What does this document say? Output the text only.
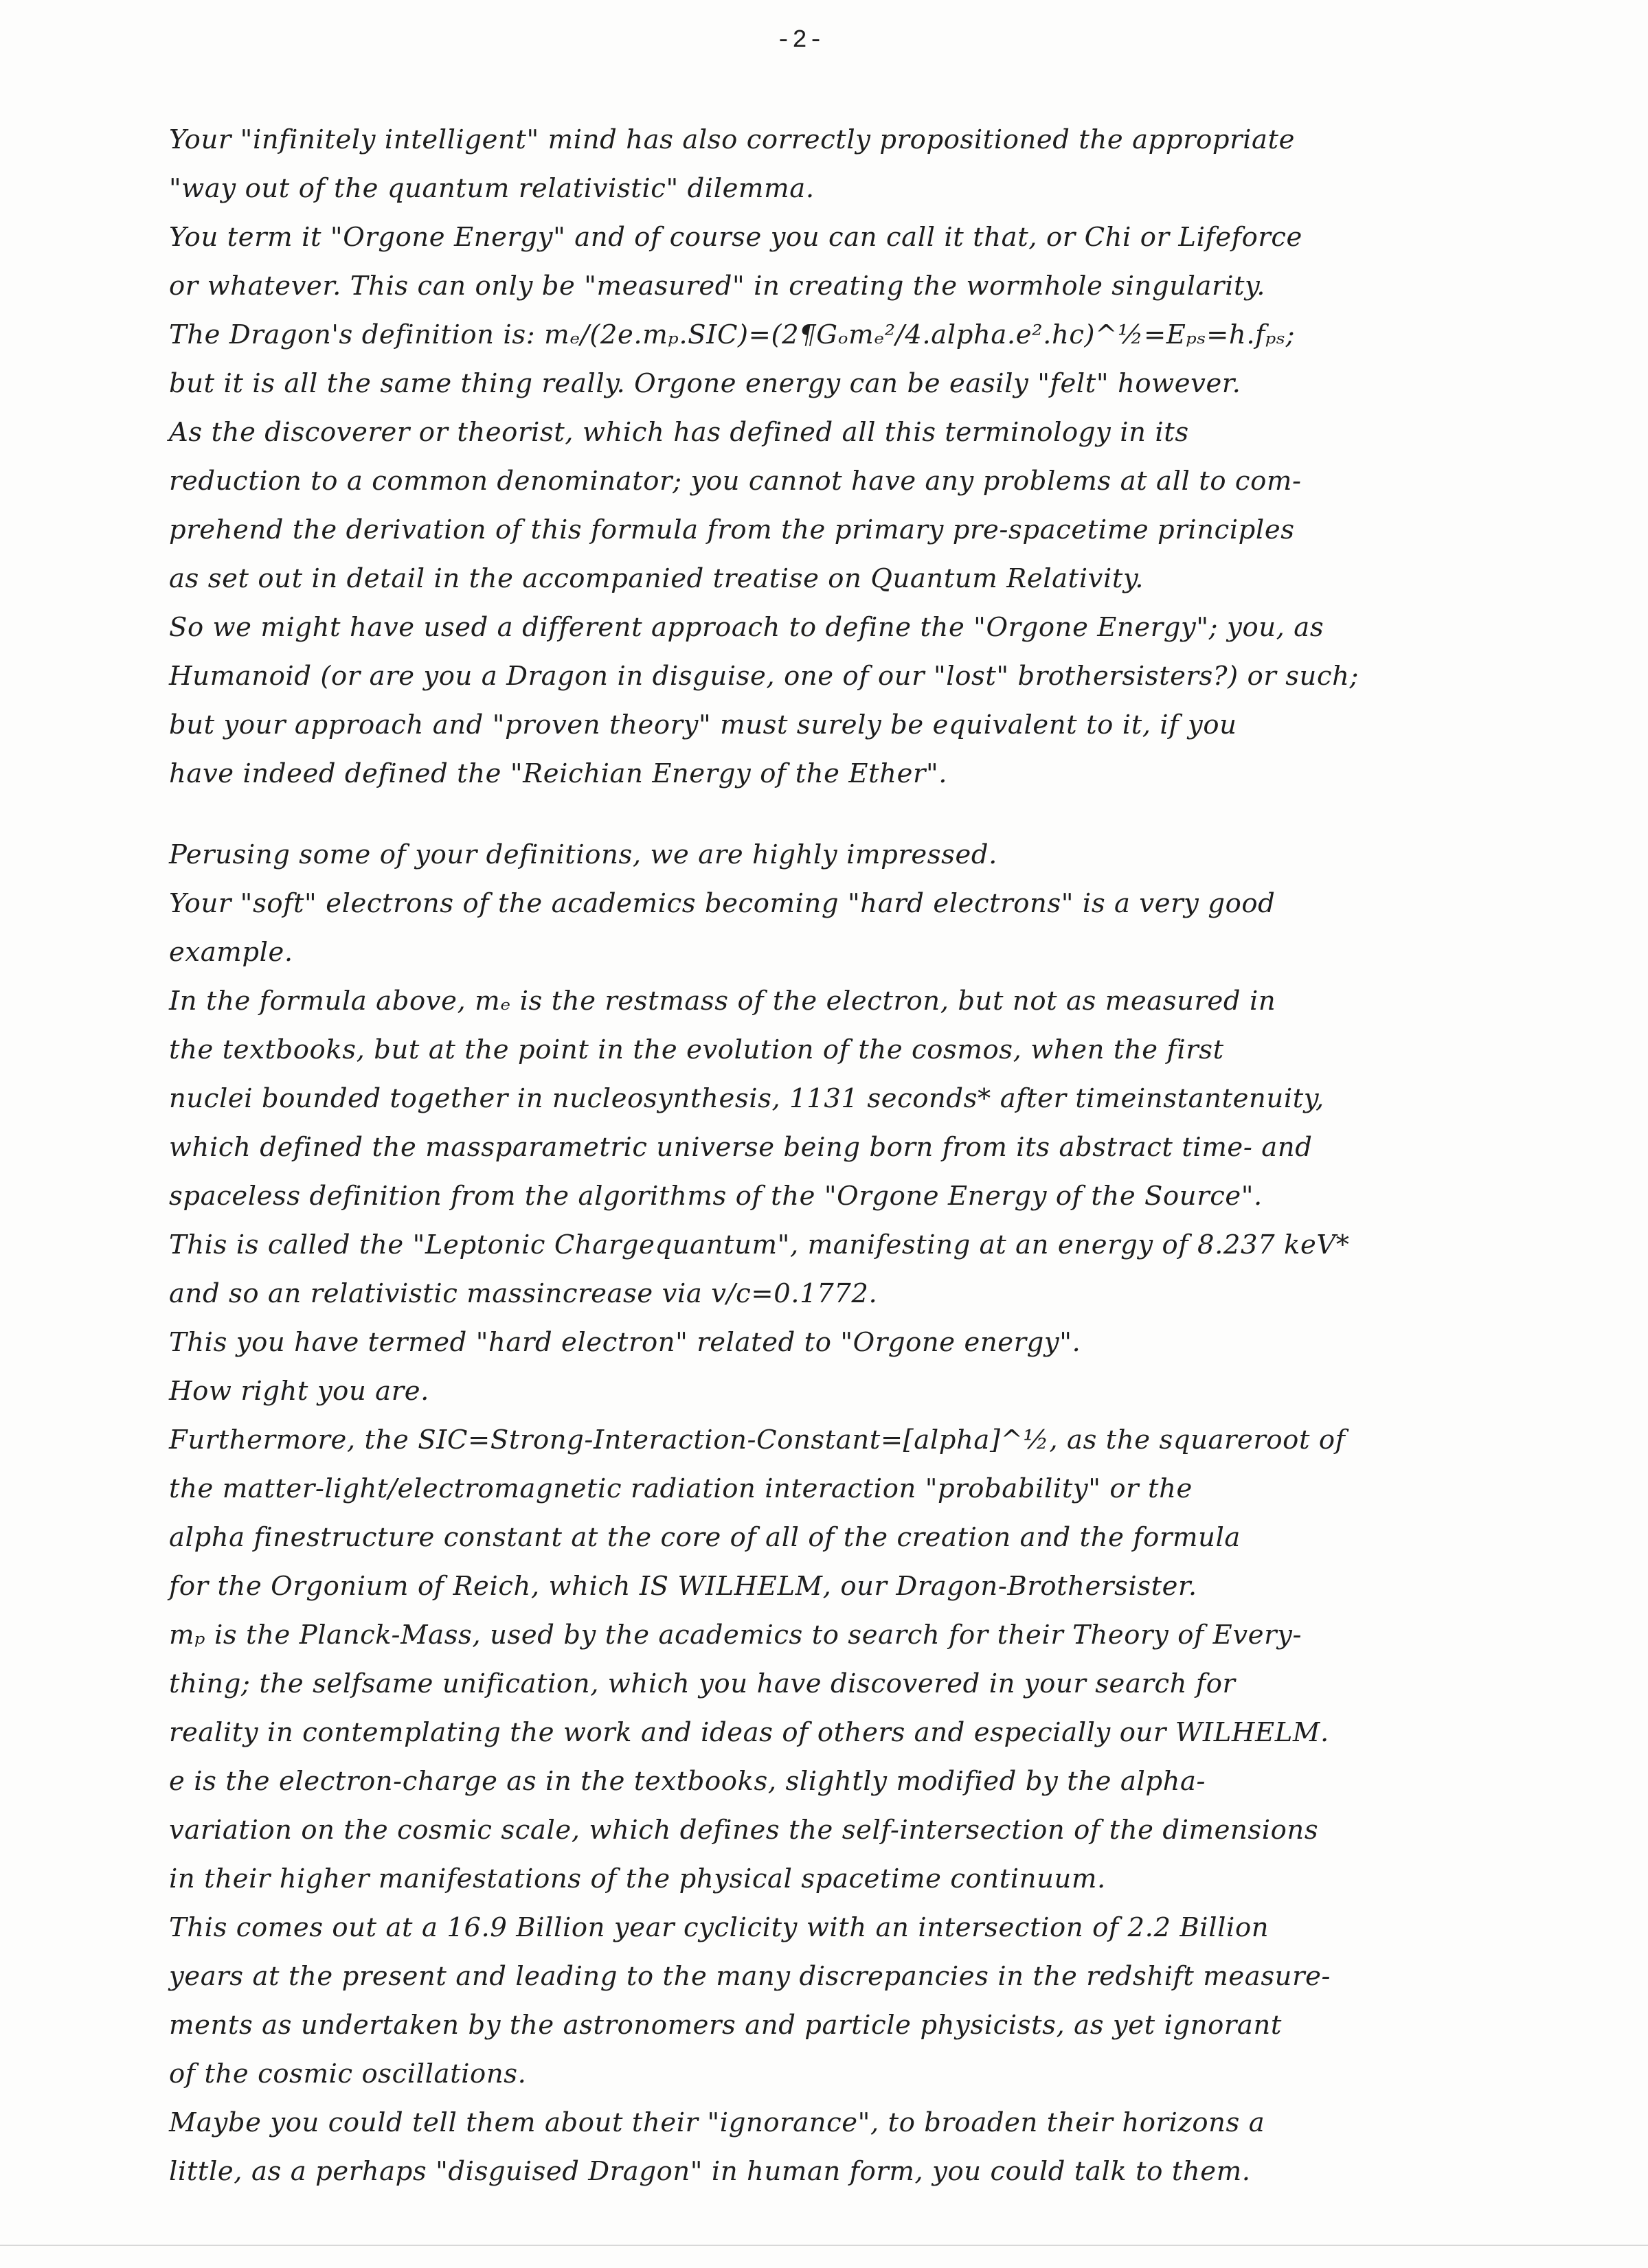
-2-
Your "infinitely intelligent" mind has also correctly propositioned the appropriate
"way out of the quantum relativistic" dilemma.
You term it "Orgone Energy" and of course you can call it that, or Chi or Lifeforce
or whatever. This can only be "measured" in creating the wormhole singularity.
The Dragon's definition is: mₑ/(2e.mₚ.SIC)=(2¶Gₒmₑ²/4.alpha.e².hc)^½=Eₚₛ=h.fₚₛ;
but it is all the same thing really. Orgone energy can be easily "felt" however.
As the discoverer or theorist, which has defined all this terminology in its
reduction to a common denominator; you cannot have any problems at all to com-
prehend the derivation of this formula from the primary pre-spacetime principles
as set out in detail in the accompanied treatise on Quantum Relativity.
So we might have used a different approach to define the "Orgone Energy"; you, as
Humanoid (or are you a Dragon in disguise, one of our "lost" brothersisters?) or such;
but your approach and "proven theory" must surely be equivalent to it, if you
have indeed defined the "Reichian Energy of the Ether".
Perusing some of your definitions, we are highly impressed.
Your "soft" electrons of the academics becoming "hard electrons" is a very good
example.
In the formula above, mₑ is the restmass of the electron, but not as measured in
the textbooks, but at the point in the evolution of the cosmos, when the first
nuclei bounded together in nucleosynthesis, 1131 seconds* after timeinstantenuity,
which defined the massparametric universe being born from its abstract time- and
spaceless definition from the algorithms of the "Orgone Energy of the Source".
This is called the "Leptonic Chargequantum", manifesting at an energy of 8.237 keV*
and so an relativistic massincrease via v/c=0.1772.
This you have termed "hard electron" related to "Orgone energy".
How right you are.
Furthermore, the SIC=Strong-Interaction-Constant=[alpha]^½, as the squareroot of
the matter-light/electromagnetic radiation interaction "probability" or the
alpha finestructure constant at the core of all of the creation and the formula
for the Orgonium of Reich, which IS WILHELM, our Dragon-Brothersister.
mₚ is the Planck-Mass, used by the academics to search for their Theory of Every-
thing; the selfsame unification, which you have discovered in your search for
reality in contemplating the work and ideas of others and especially our WILHELM.
e is the electron-charge as in the textbooks, slightly modified by the alpha-
variation on the cosmic scale, which defines the self-intersection of the dimensions
in their higher manifestations of the physical spacetime continuum.
This comes out at a 16.9 Billion year cyclicity with an intersection of 2.2 Billion
years at the present and leading to the many discrepancies in the redshift measure-
ments as undertaken by the astronomers and particle physicists, as yet ignorant
of the cosmic oscillations.
Maybe you could tell them about their "ignorance", to broaden their horizons a
little, as a perhaps "disguised Dragon" in human form, you could talk to them.
